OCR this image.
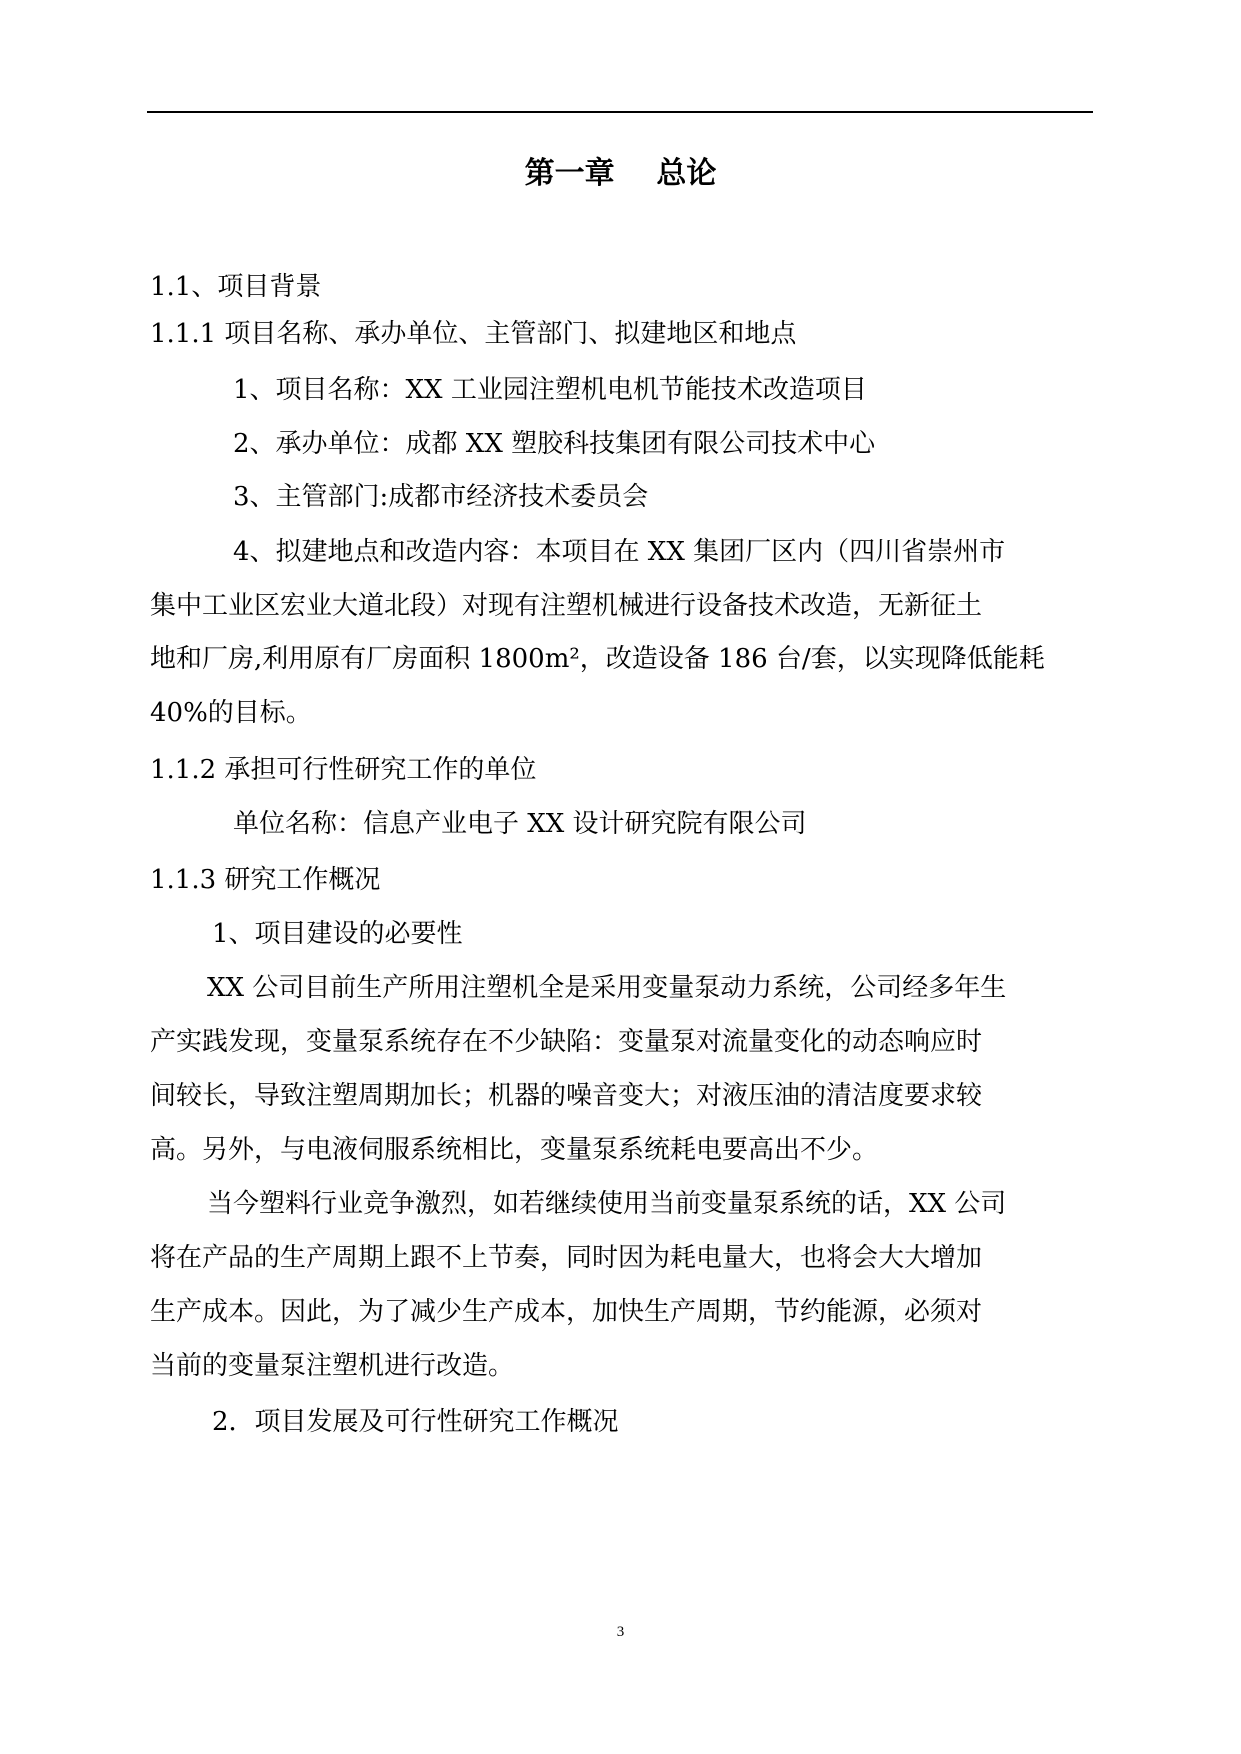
第一章    总论
1.1、项目背景
1.1.1 项目名称、承办单位、主管部门、拟建地区和地点
1、项目名称：XX 工业园注塑机电机节能技术改造项目
2、承办单位：成都 XX 塑胶科技集团有限公司技术中心
3、主管部门:成都市经济技术委员会
4、拟建地点和改造内容：本项目在 XX 集团厂区内（四川省崇州市
集中工业区宏业大道北段）对现有注塑机械进行设备技术改造，无新征土
地和厂房,利用原有厂房面积 1800m²，改造设备 186 台/套，以实现降低能耗
40%的目标。
1.1.2 承担可行性研究工作的单位
单位名称：信息产业电子 XX 设计研究院有限公司
1.1.3 研究工作概况
1、项目建设的必要性
XX 公司目前生产所用注塑机全是采用变量泵动力系统，公司经多年生
产实践发现，变量泵系统存在不少缺陷：变量泵对流量变化的动态响应时
间较长，导致注塑周期加长；机器的噪音变大；对液压油的清洁度要求较
高。另外，与电液伺服系统相比，变量泵系统耗电要高出不少。
当今塑料行业竞争激烈，如若继续使用当前变量泵系统的话，XX 公司
将在产品的生产周期上跟不上节奏，同时因为耗电量大，也将会大大增加
生产成本。因此，为了减少生产成本，加快生产周期，节约能源，必须对
当前的变量泵注塑机进行改造。
2．项目发展及可行性研究工作概况
3
